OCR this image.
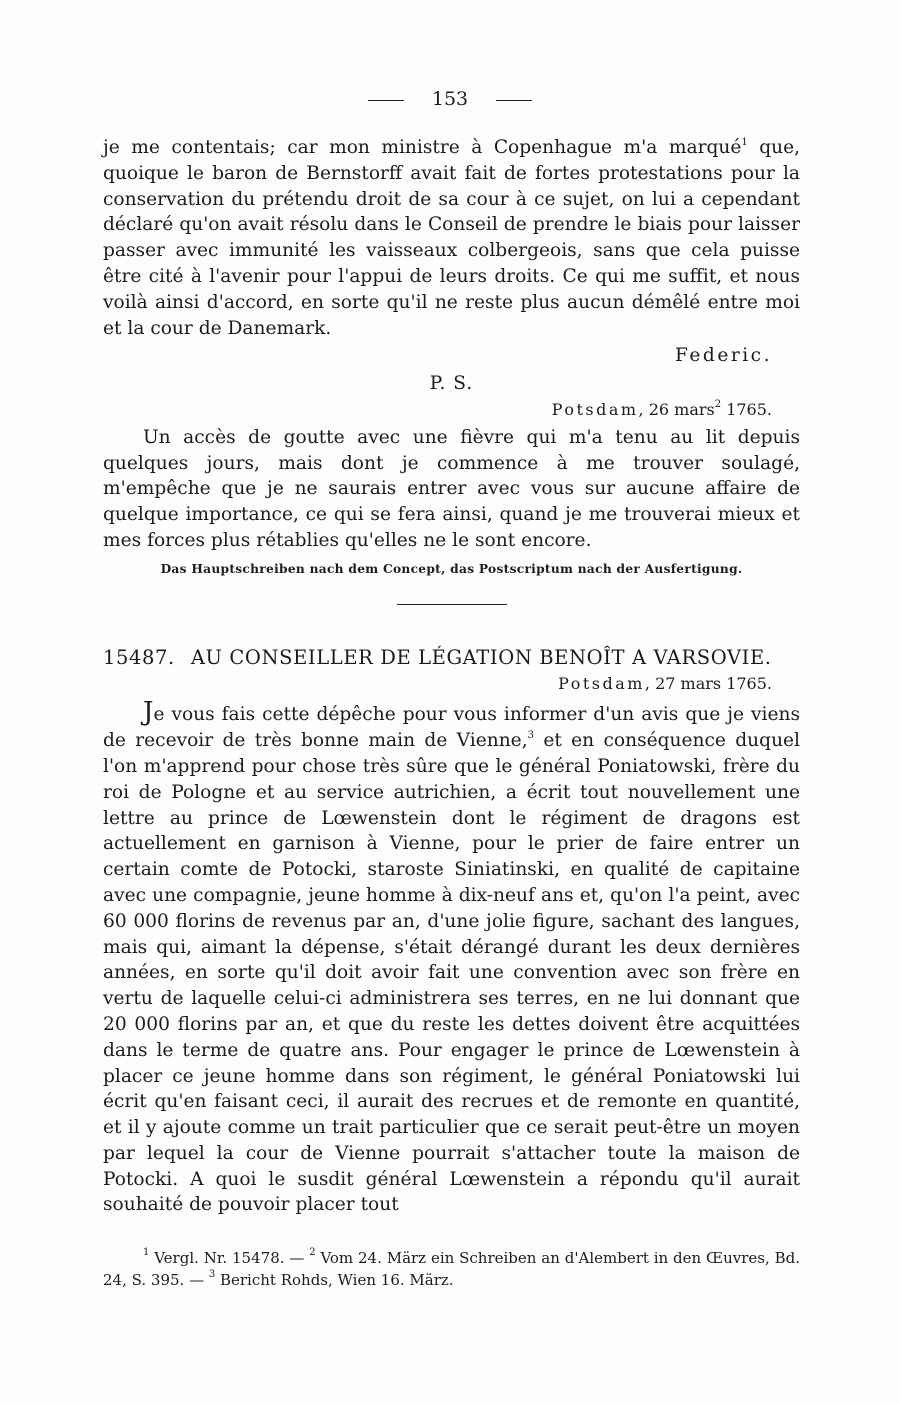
153

je me contentais; car mon ministre à Copenhague m'a marqué$^1$ que, quoique le baron de Bernstorff avait fait de fortes protestations pour la conservation du prétendu droit de sa cour à ce sujet, on lui a cependant déclaré qu'on avait résolu dans le Conseil de prendre le biais pour laisser passer avec immunité les vaisseaux colbergeois, sans que cela puisse être cité à l'avenir pour l'appui de leurs droits. Ce qui me suffit, et nous voilà ainsi d'accord, en sorte qu'il ne reste plus aucun démêlé entre moi et la cour de Danemark.

Federic.

P. S.

Potsdam, 26 mars$^2$ 1765.

Un accès de goutte avec une fièvre qui m'a tenu au lit depuis quelques jours, mais dont je commence à me trouver soulagé, m'empêche que je ne saurais entrer avec vous sur aucune affaire de quelque importance, ce qui se fera ainsi, quand je me trouverai mieux et mes forces plus rétablies qu'elles ne le sont encore.

Das Hauptschreiben nach dem Concept, das Postscriptum nach der Ausfertigung.

15487. AU CONSEILLER DE LÉGATION BENOÎT A VARSOVIE.

Potsdam, 27 mars 1765.

Je vous fais cette dépêche pour vous informer d'un avis que je viens de recevoir de très bonne main de Vienne,$^3$ et en conséquence duquel l'on m'apprend pour chose très sûre que le général Poniatowski, frère du roi de Pologne et au service autrichien, a écrit tout nouvellement une lettre au prince de Lœwenstein dont le régiment de dragons est actuellement en garnison à Vienne, pour le prier de faire entrer un certain comte de Potocki, staroste Siniatinski, en qualité de capitaine avec une compagnie, jeune homme à dix-neuf ans et, qu'on l'a peint, avec 60 000 florins de revenus par an, d'une jolie figure, sachant des langues, mais qui, aimant la dépense, s'était dérangé durant les deux dernières années, en sorte qu'il doit avoir fait une convention avec son frère en vertu de laquelle celui-ci administrera ses terres, en ne lui donnant que 20 000 florins par an, et que du reste les dettes doivent être acquittées dans le terme de quatre ans. Pour engager le prince de Lœwenstein à placer ce jeune homme dans son régiment, le général Poniatowski lui écrit qu'en faisant ceci, il aurait des recrues et de remonte en quantité, et il y ajoute comme un trait particulier que ce serait peut-être un moyen par lequel la cour de Vienne pourrait s'attacher toute la maison de Potocki. A quoi le susdit général Lœwenstein a répondu qu'il aurait souhaité de pouvoir placer tout

$^1$ Vergl. Nr. 15478. — $^2$ Vom 24. März ein Schreiben an d'Alembert in den Œuvres, Bd. 24, S. 395. — $^3$ Bericht Rohds, Wien 16. März.
